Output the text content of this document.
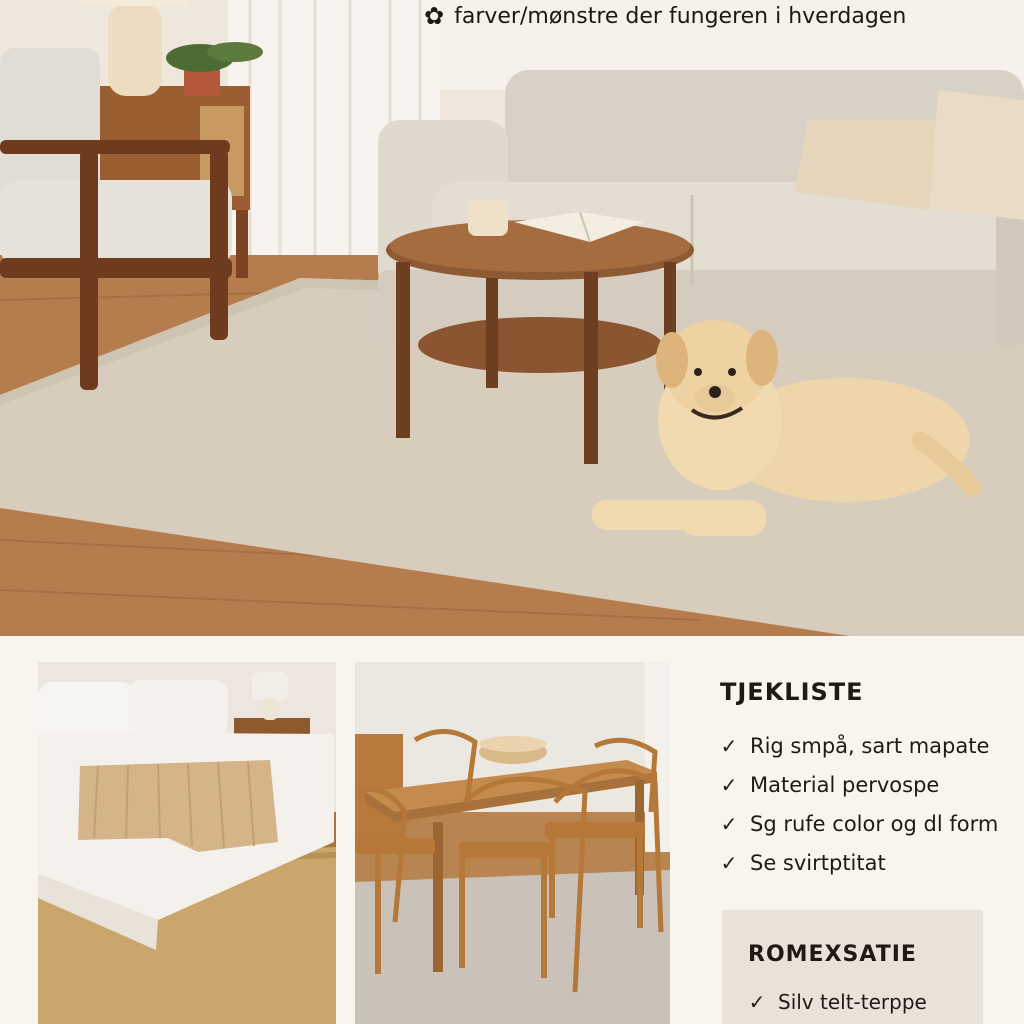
✿ farver/mønstre der fungeren i hverdagen
TJEKLISTE
✓ Rig smpå, sart mapate
✓ Material pervospe
✓ Sg rufe color og dl form
✓ Se svirtptitat
ROMEXSATIE
✓ Silv telt-terppe
